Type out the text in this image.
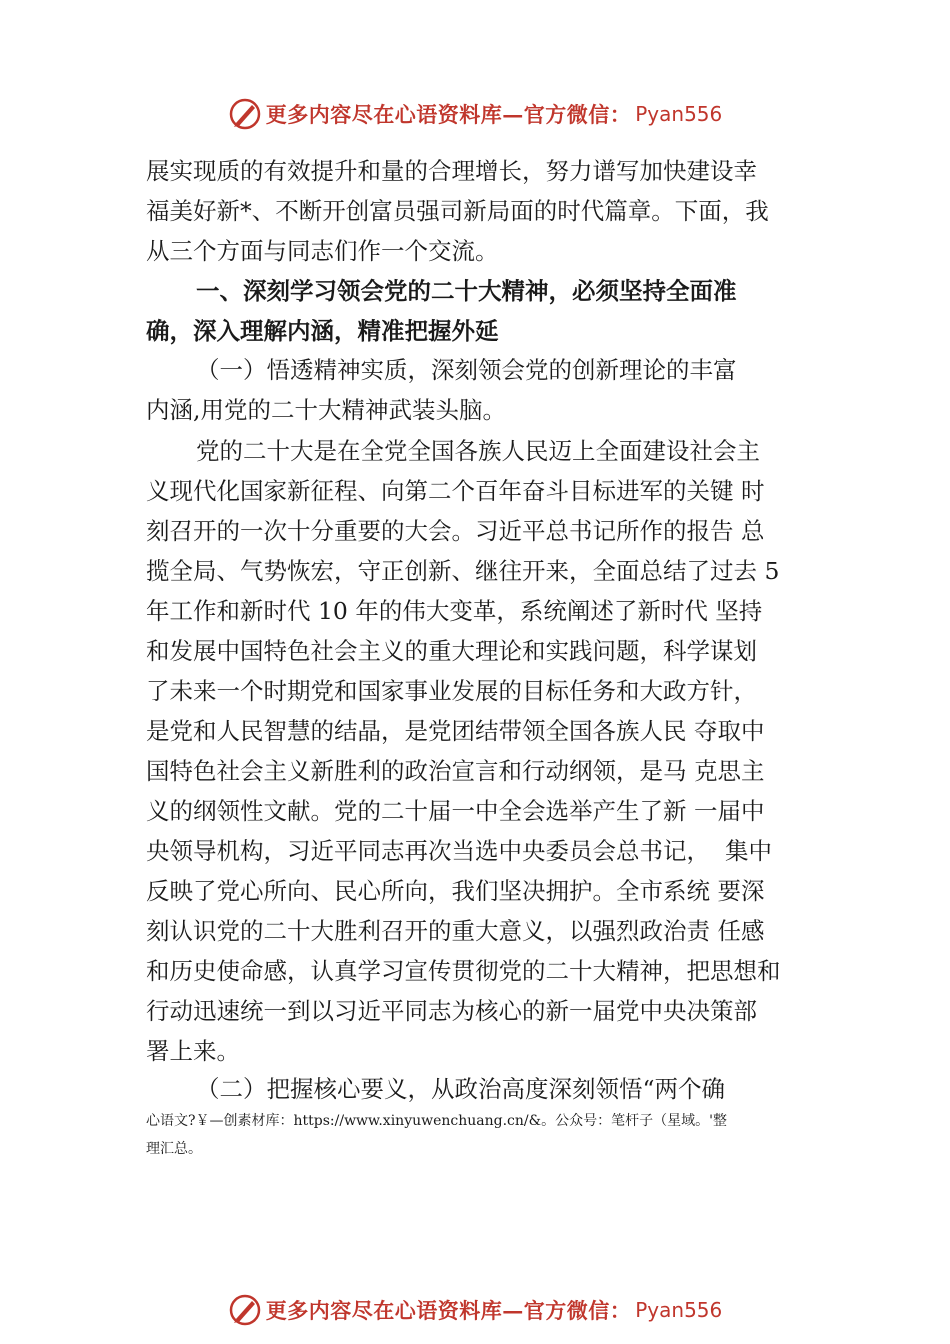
更多内容尽在心语资料库—官方微信： Pyan556
展实现质的有效提升和量的合理增长，努力谱写加快建设幸
福美好新*、不断开创富员强司新局面的时代篇章。下面，我
从三个方面与同志们作一个交流。
一、深刻学习领会党的二十大精神，必须坚持全面准
确，深入理解内涵，精准把握外延
（一）悟透精神实质，深刻领会党的创新理论的丰富
内涵,用党的二十大精神武装头脑。
党的二十大是在全党全国各族人民迈上全面建设社会主
义现代化国家新征程、向第二个百年奋斗目标进军的关键 时
刻召开的一次十分重要的大会。习近平总书记所作的报告 总
揽全局、气势恢宏，守正创新、继往开来，全面总结了过去 5
年工作和新时代 10 年的伟大变革，系统阐述了新时代 坚持
和发展中国特色社会主义的重大理论和实践问题，科学谋划
了未来一个时期党和国家事业发展的目标任务和大政方针，
是党和人民智慧的结晶，是党团结带领全国各族人民 夺取中
国特色社会主义新胜利的政治宣言和行动纲领，是马 克思主
义的纲领性文献。党的二十届一中全会选举产生了新 一届中
央领导机构，习近平同志再次当选中央委员会总书记，  集中
反映了党心所向、民心所向，我们坚决拥护。全市系统 要深
刻认识党的二十大胜利召开的重大意义，以强烈政治责 任感
和历史使命感，认真学习宣传贯彻党的二十大精神，把思想和
行动迅速统一到以习近平同志为核心的新一届党中央决策部
署上来。
（二）把握核心要义，从政治高度深刻领悟“两个确
心语文?￥—创素材库：https://www.xinyuwenchuang.cn/&。公众号：笔杆子（星域。'整
理汇总。
更多内容尽在心语资料库—官方微信： Pyan556
